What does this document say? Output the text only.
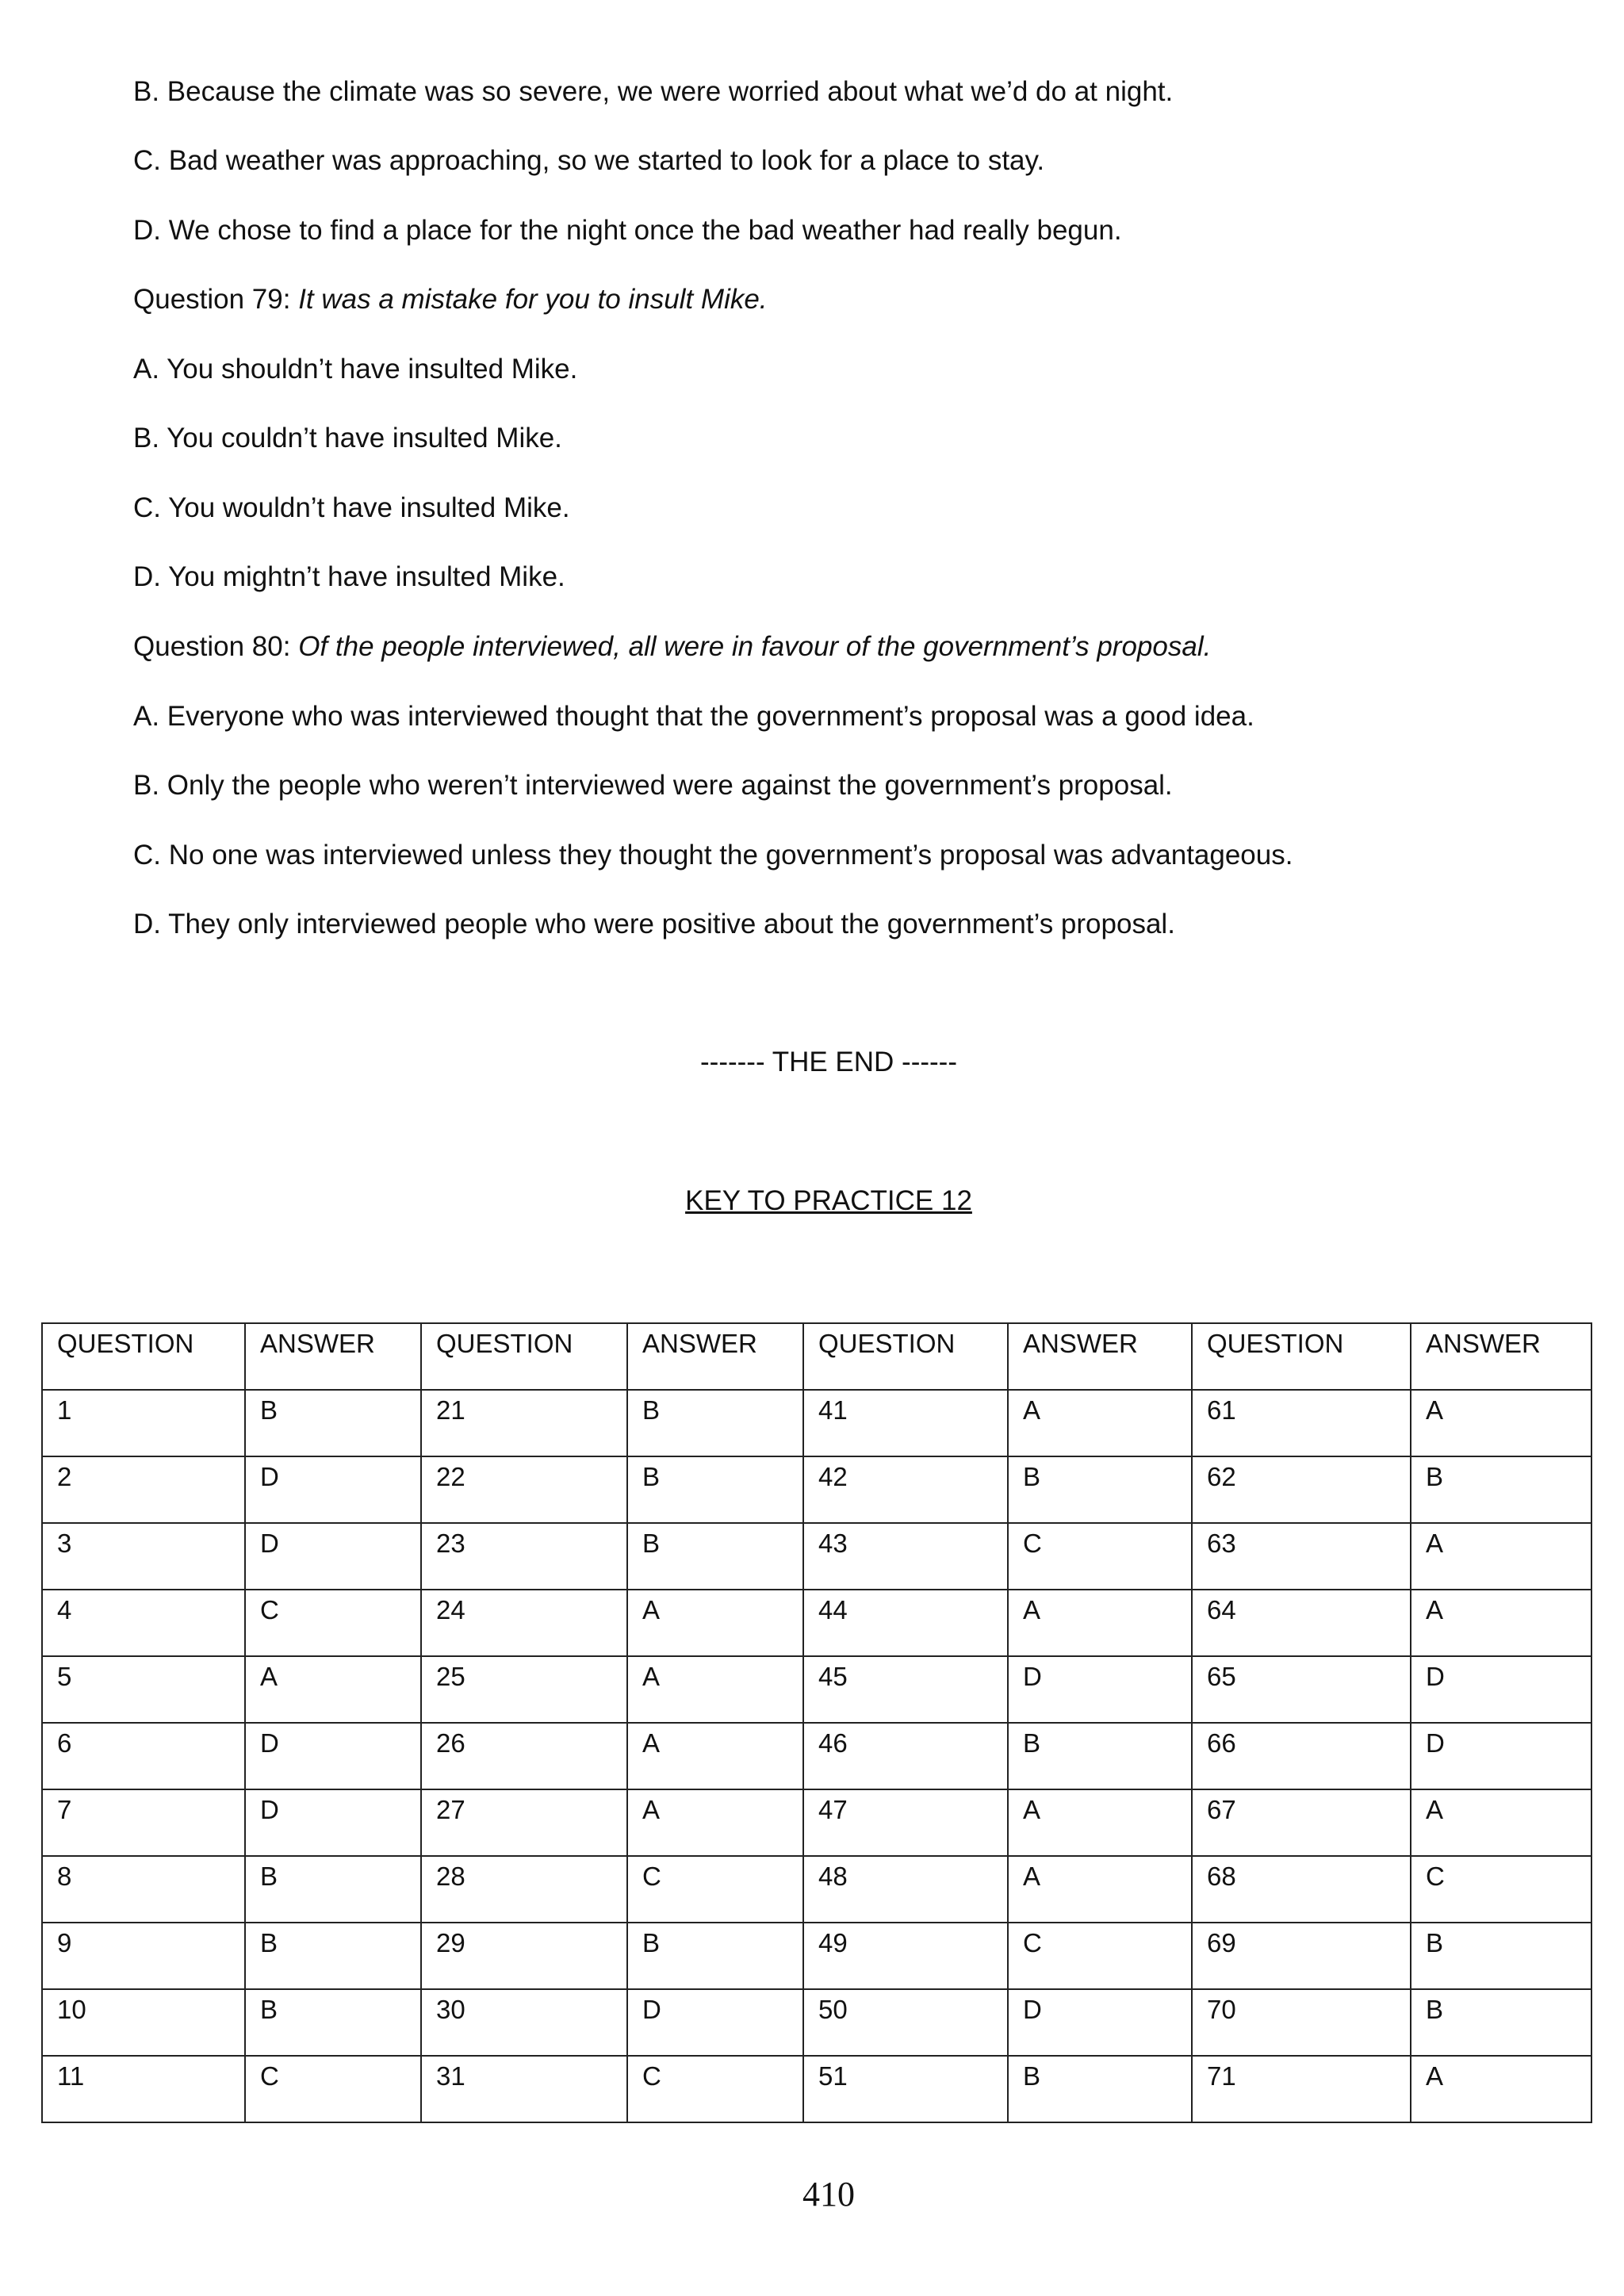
B. Because the climate was so severe, we were worried about what we’d do at night.
C. Bad weather was approaching, so we started to look for a place to stay.
D. We chose to find a place for the night once the bad weather had really begun.
Question 79: It was a mistake for you to insult Mike.
A. You shouldn’t have insulted Mike.
B. You couldn’t have insulted Mike.
C. You wouldn’t have insulted Mike.
D. You mightn’t have insulted Mike.
Question 80: Of the people interviewed, all were in favour of the government’s proposal.
A. Everyone who was interviewed thought that the government’s proposal was a good idea.
B. Only the people who weren’t interviewed were against the government’s proposal.
C. No one was interviewed unless they thought the government’s proposal was advantageous.
D. They only interviewed people who were positive about the government’s proposal.
------- THE END ------
KEY TO PRACTICE 12
QUESTION	ANSWER	QUESTION	ANSWER	QUESTION	ANSWER	QUESTION	ANSWER
1	B	21	B	41	A	61	A
2	D	22	B	42	B	62	B
3	D	23	B	43	C	63	A
4	C	24	A	44	A	64	A
5	A	25	A	45	D	65	D
6	D	26	A	46	B	66	D
7	D	27	A	47	A	67	A
8	B	28	C	48	A	68	C
9	B	29	B	49	C	69	B
10	B	30	D	50	D	70	B
11	C	31	C	51	B	71	A
410
